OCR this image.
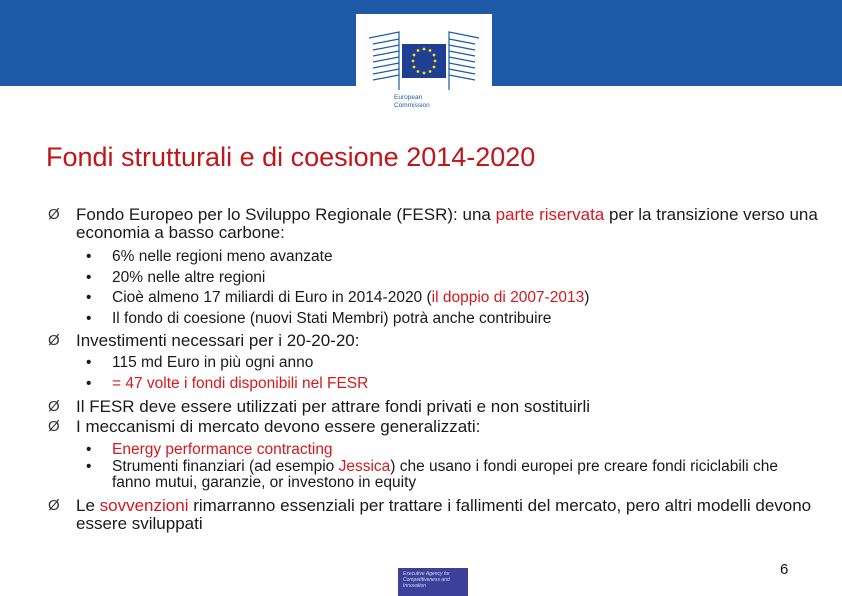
European
Commission
Fondi strutturali e di coesione 2014-2020
Ø Fondo Europeo per lo Sviluppo Regionale (FESR): una parte riservata per la transizione verso una economia a basso carbone:
• 6% nelle regioni meno avanzate
• 20% nelle altre regioni
• Cioè almeno 17 miliardi di Euro in 2014-2020 (il doppio di 2007-2013)
• Il fondo di coesione (nuovi Stati Membri) potrà anche contribuire
Ø Investimenti necessari per i 20-20-20:
• 115 md Euro in più ogni anno
• = 47 volte i fondi disponibili nel FESR
Ø Il FESR deve essere utilizzati per attrare fondi privati e non sostituirli
Ø I meccanismi di mercato devono essere generalizzati:
• Energy performance contracting
• Strumenti finanziari (ad esempio Jessica) che usano i fondi europei pre creare fondi riciclabili che fanno mutui, garanzie, or investono in equity
Ø Le sovvenzioni rimarranno essenziali per trattare i fallimenti del mercato, pero altri modelli devono essere sviluppati
6
Executive Agency for Competitiveness and Innovation
